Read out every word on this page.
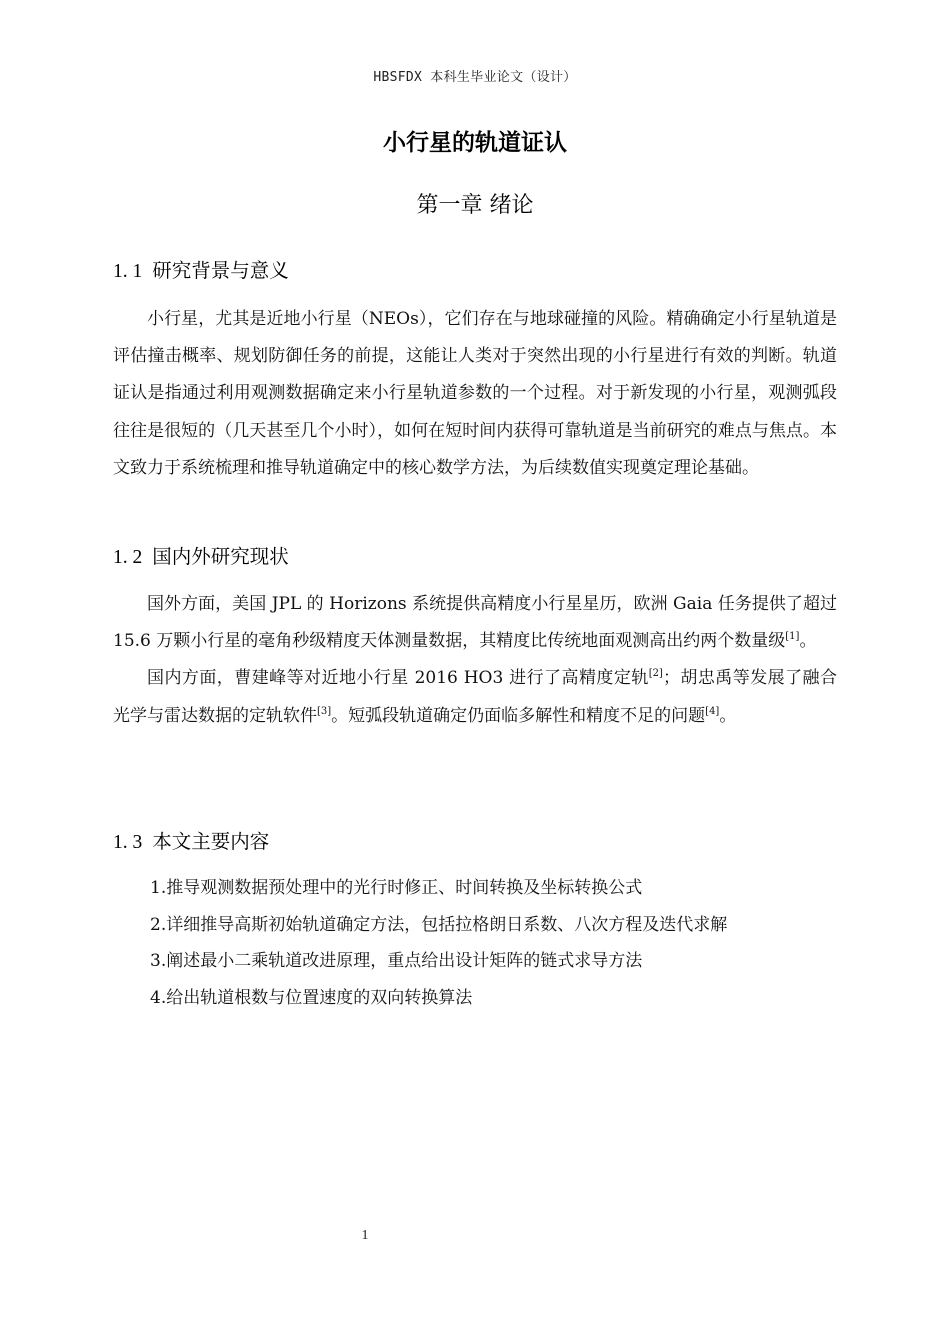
HBSFDX 本科生毕业论文（设计）
小行星的轨道证认
第一章 绪论
1. 1 研究背景与意义

小行星，尤其是近地小行星（NEOs），它们存在与地球碰撞的风险。精确确定小行星轨道是评估撞击概率、规划防御任务的前提，这能让人类对于突然出现的小行星进行有效的判断。轨道证认是指通过利用观测数据确定来小行星轨道参数的一个过程。对于新发现的小行星，观测弧段往往是很短的（几天甚至几个小时），如何在短时间内获得可靠轨道是当前研究的难点与焦点。本文致力于系统梳理和推导轨道确定中的核心数学方法，为后续数值实现奠定理论基础。

1. 2 国内外研究现状

国外方面，美国 JPL 的 Horizons 系统提供高精度小行星星历，欧洲 Gaia 任务提供了超过 15.6 万颗小行星的毫角秒级精度天体测量数据，其精度比传统地面观测高出约两个数量级[1]。

国内方面，曹建峰等对近地小行星 2016 HO3 进行了高精度定轨[2]；胡忠禹等发展了融合光学与雷达数据的定轨软件[3]。短弧段轨道确定仍面临多解性和精度不足的问题[4]。

1. 3 本文主要内容
1.推导观测数据预处理中的光行时修正、时间转换及坐标转换公式
2.详细推导高斯初始轨道确定方法，包括拉格朗日系数、八次方程及迭代求解
3.阐述最小二乘轨道改进原理，重点给出设计矩阵的链式求导方法
4.给出轨道根数与位置速度的双向转换算法
1
